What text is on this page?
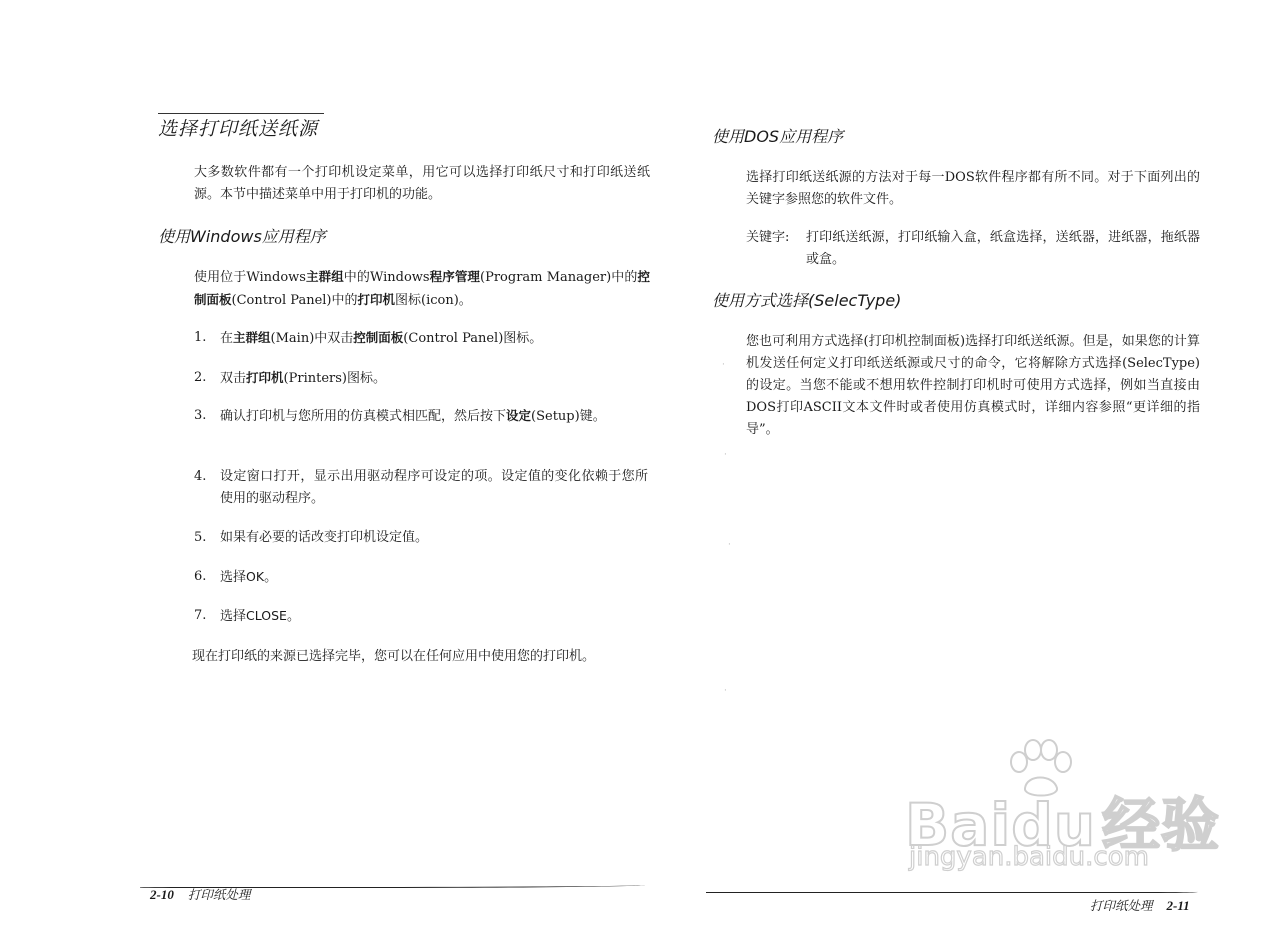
选择打印纸送纸源

大多数软件都有一个打印机设定菜单，用它可以选择打印纸尺寸和打印纸送纸源。本节中描述菜单中用于打印机的功能。

使用Windows应用程序

使用位于Windows主群组中的Windows程序管理(Program Manager)中的控制面板(Control Panel)中的打印机图标(icon)。

1.	在主群组(Main)中双击控制面板(Control Panel)图标。
2.	双击打印机(Printers)图标。
3.	确认打印机与您所用的仿真模式相匹配，然后按下设定(Setup)键。
4.	设定窗口打开，显示出用驱动程序可设定的项。设定值的变化依赖于您所使用的驱动程序。
5.	如果有必要的话改变打印机设定值。
6.	选择OK。
7.	选择CLOSE。

现在打印纸的来源已选择完毕，您可以在任何应用中使用您的打印机。

2-10 打印纸处理
使用DOS应用程序

选择打印纸送纸源的方法对于每一DOS软件程序都有所不同。对于下面列出的关键字参照您的软件文件。

关键字: 打印纸送纸源，打印纸输入盒，纸盒选择，送纸器，进纸器，拖纸器或盒。
使用方式选择(SelecType)

您也可利用方式选择(打印机控制面板)选择打印纸送纸源。但是，如果您的计算机发送任何定义打印纸送纸源或尺寸的命令，它将解除方式选择(SelecType)的设定。当您不能或不想用软件控制打印机时可使用方式选择，例如当直接由DOS打印ASCII文本文件时或者使用仿真模式时，详细内容参照“更详细的指导”。

·
·
·
·
打印纸处理 2-11
Baidu 经验
jingyan.baidu.com
